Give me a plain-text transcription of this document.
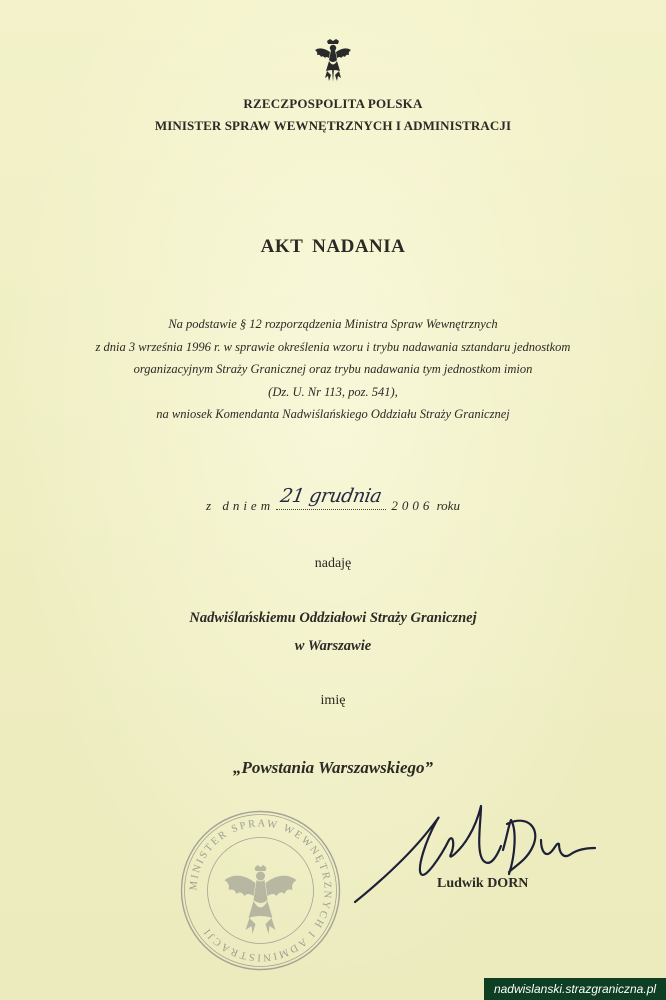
RZECZPOSPOLITA POLSKA
MINISTER SPRAW WEWNĘTRZNYCH I ADMINISTRACJI
AKT NADANIA
Na podstawie § 12 rozporządzenia Ministra Spraw Wewnętrznych
z dnia 3 września 1996 r. w sprawie określenia wzoru i trybu nadawania sztandaru jednostkom
organizacyjnym Straży Granicznej oraz trybu nadawania tym jednostkom imion
(Dz. U. Nr 113, poz. 541),
na wniosek Komendanta Nadwiślańskiego Oddziału Straży Granicznej
z dniem 21 grudnia 2006 roku
nadaję
Nadwiślańskiemu Oddziałowi Straży Granicznej
w Warszawie
imię
„Powstania Warszawskiego”
MINISTER SPRAW WEWNĘTRZNYCH I ADMINISTRACJI
Ludwik DORN
nadwislanski.strazgraniczna.pl
